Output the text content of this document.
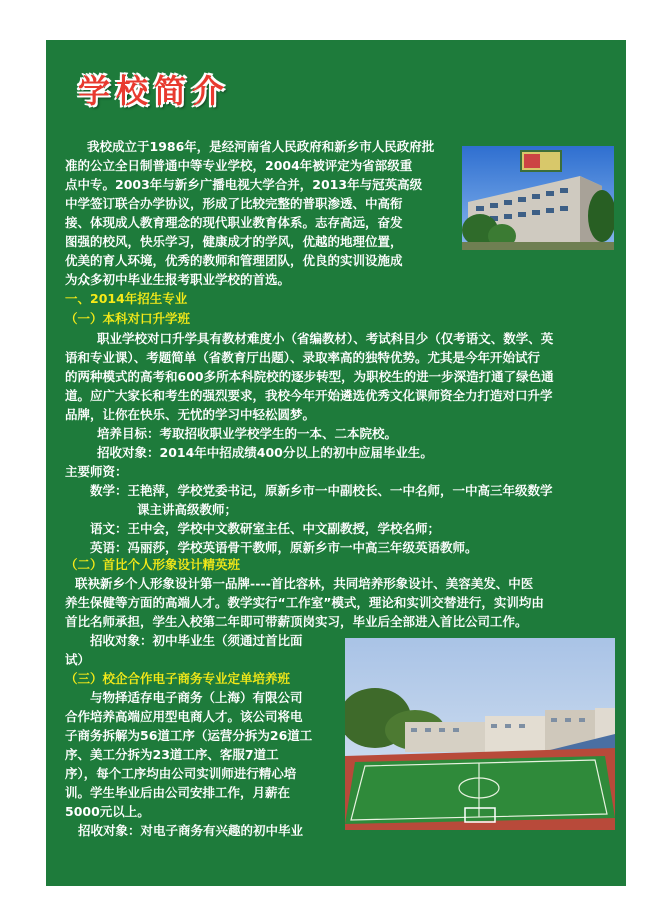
学校简介
我校成立于1986年，是经河南省人民政府和新乡市人民政府批
准的公立全日制普通中等专业学校，2004年被评定为省部级重
点中专。2003年与新乡广播电视大学合并，2013年与冠英高级
中学签订联合办学协议，形成了比较完整的普职渗透、中高衔
接、体现成人教育理念的现代职业教育体系。志存高远，奋发
图强的校风，快乐学习，健康成才的学风，优越的地理位置，
优美的育人环境，优秀的教师和管理团队，优良的实训设施成
为众多初中毕业生报考职业学校的首选。
一、2014年招生专业
（一）本科对口升学班
职业学校对口升学具有教材难度小（省编教材）、考试科目少（仅考语文、数学、英
语和专业课）、考题简单（省教育厅出题）、录取率高的独特优势。尤其是今年开始试行
的两种模式的高考和600多所本科院校的逐步转型，为职校生的进一步深造打通了绿色通
道。应广大家长和考生的强烈要求，我校今年开始遴选优秀文化课师资全力打造对口升学
品牌，让你在快乐、无忧的学习中轻松圆梦。
培养目标：考取招收职业学校学生的一本、二本院校。
招收对象：2014年中招成绩400分以上的初中应届毕业生。
主要师资：
数学：王艳萍，学校党委书记，原新乡市一中副校长、一中名师，一中高三年级数学
课主讲高级教师；
语文：王中会，学校中文教研室主任、中文副教授，学校名师；
英语：冯丽莎，学校英语骨干教师，原新乡市一中高三年级英语教师。
（二）首比个人形象设计精英班
联袂新乡个人形象设计第一品牌----首比容林，共同培养形象设计、美容美发、中医
养生保健等方面的高端人才。教学实行“工作室”模式，理论和实训交替进行，实训均由
首比名师承担，学生入校第二年即可带薪顶岗实习，毕业后全部进入首比公司工作。
招收对象：初中毕业生（须通过首比面
试）
（三）校企合作电子商务专业定单培养班
与物择适存电子商务（上海）有限公司
合作培养高端应用型电商人才。该公司将电
子商务拆解为56道工序（运营分拆为26道工
序、美工分拆为23道工序、客服7道工
序），每个工序均由公司实训师进行精心培
训。学生毕业后由公司安排工作，月薪在
5000元以上。
招收对象：对电子商务有兴趣的初中毕业
